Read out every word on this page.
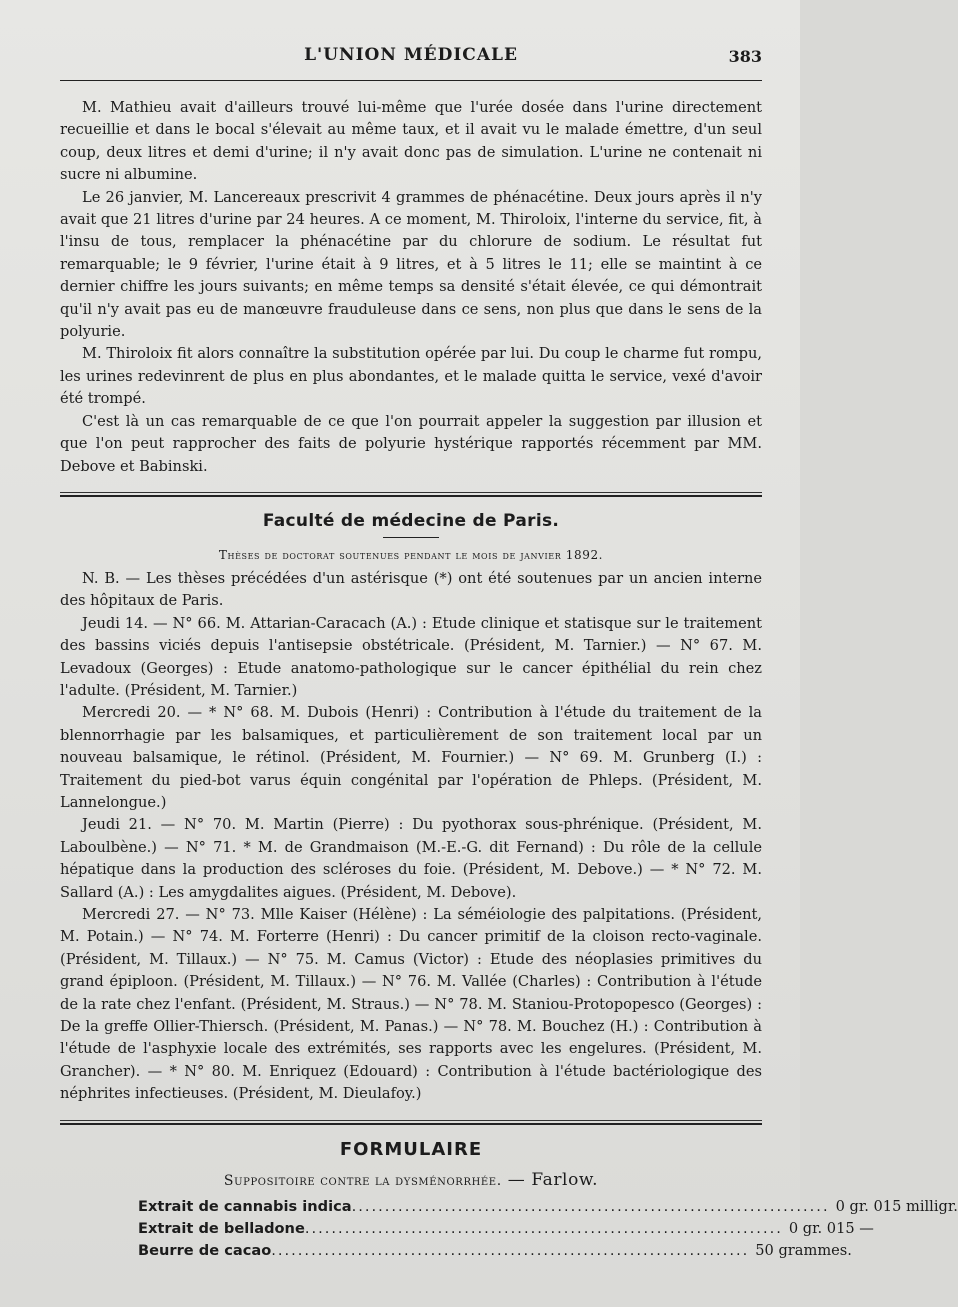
L'UNION MÉDICALE	383

M. Mathieu avait d'ailleurs trouvé lui-même que l'urée dosée dans l'urine directement recueillie et dans le bocal s'élevait au même taux, et il avait vu le malade émettre, d'un seul coup, deux litres et demi d'urine; il n'y avait donc pas de simulation. L'urine ne contenait ni sucre ni albumine.

Le 26 janvier, M. Lancereaux prescrivit 4 grammes de phénacétine. Deux jours après il n'y avait que 21 litres d'urine par 24 heures. A ce moment, M. Thiroloix, l'interne du service, fit, à l'insu de tous, remplacer la phénacétine par du chlorure de sodium. Le résultat fut remarquable; le 9 février, l'urine était à 9 litres, et à 5 litres le 11; elle se maintint à ce dernier chiffre les jours suivants; en même temps sa densité s'était élevée, ce qui démontrait qu'il n'y avait pas eu de manœuvre frauduleuse dans ce sens, non plus que dans le sens de la polyurie.

M. Thiroloix fit alors connaître la substitution opérée par lui. Du coup le charme fut rompu, les urines redevinrent de plus en plus abondantes, et le malade quitta le service, vexé d'avoir été trompé.

C'est là un cas remarquable de ce que l'on pourrait appeler la suggestion par illusion et que l'on peut rapprocher des faits de polyurie hystérique rapportés récemment par MM. Debove et Babinski.

Faculté de médecine de Paris.
Thèses de doctorat soutenues pendant le mois de janvier 1892.

N. B. — Les thèses précédées d'un astérisque (*) ont été soutenues par un ancien interne des hôpitaux de Paris.

Jeudi 14. — N° 66. M. Attarian-Caracach (A.) : Etude clinique et statisque sur le traitement des bassins viciés depuis l'antisepsie obstétricale. (Président, M. Tarnier.) — N° 67. M. Levadoux (Georges) : Etude anatomo-pathologique sur le cancer épithélial du rein chez l'adulte. (Président, M. Tarnier.)

Mercredi 20. — * N° 68. M. Dubois (Henri) : Contribution à l'étude du traitement de la blennorrhagie par les balsamiques, et particulièrement de son traitement local par un nouveau balsamique, le rétinol. (Président, M. Fournier.) — N° 69. M. Grunberg (I.) : Traitement du pied-bot varus équin congénital par l'opération de Phleps. (Président, M. Lannelongue.)

Jeudi 21. — N° 70. M. Martin (Pierre) : Du pyothorax sous-phrénique. (Président, M. Laboulbène.) — N° 71. * M. de Grandmaison (M.-E.-G. dit Fernand) : Du rôle de la cellule hépatique dans la production des scléroses du foie. (Président, M. Debove.) — * N° 72. M. Sallard (A.) : Les amygdalites aigues. (Président, M. Debove).

Mercredi 27. — N° 73. Mlle Kaiser (Hélène) : La séméiologie des palpitations. (Président, M. Potain.) — N° 74. M. Forterre (Henri) : Du cancer primitif de la cloison recto-vaginale. (Président, M. Tillaux.) — N° 75. M. Camus (Victor) : Etude des néoplasies primitives du grand épiploon. (Président, M. Tillaux.) — N° 76. M. Vallée (Charles) : Contribution à l'étude de la rate chez l'enfant. (Président, M. Straus.) — N° 78. M. Staniou-Protopopesco (Georges) : De la greffe Ollier-Thiersch. (Président, M. Panas.) — N° 78. M. Bouchez (H.) : Contribution à l'étude de l'asphyxie locale des extrémités, ses rapports avec les engelures. (Président, M. Grancher). — * N° 80. M. Enriquez (Edouard) : Contribution à l'étude bactériologique des néphrites infectieuses. (Président, M. Dieulafoy.)

FORMULAIRE
Suppositoire contre la dysménorrhée. — Farlow.
Extrait de cannabis indica ........................................................................ 0 gr. 015 milligr.
Extrait de belladone ........................................................................ 0 gr. 015 —
Beurre de cacao ........................................................................ 50 grammes.
